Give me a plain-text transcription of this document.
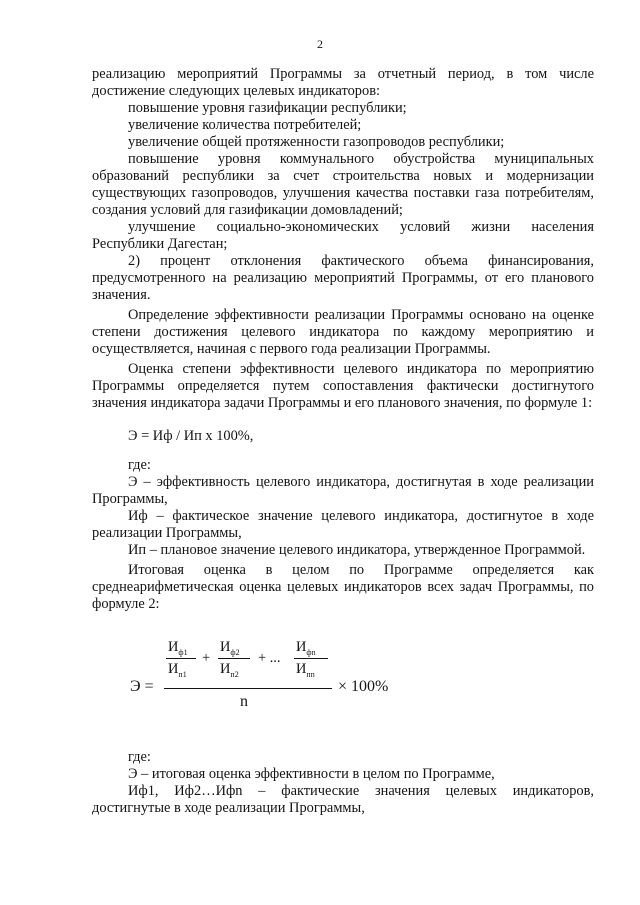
2

реализацию мероприятий Программы за отчетный период, в том числе достижение следующих целевых индикаторов:

повышение уровня газификации республики;

увеличение количества потребителей;

увеличение общей протяженности газопроводов республики;

повышение уровня коммунального обустройства муниципальных образований республики за счет строительства новых и модернизации существующих газопроводов, улучшения качества поставки газа потребителям, создания условий для газификации домовладений;

улучшение социально-экономических условий жизни населения Республики Дагестан;

2) процент отклонения фактического объема финансирования, предусмотренного на реализацию мероприятий Программы, от его планового значения.

Определение эффективности реализации Программы основано на оценке степени достижения целевого индикатора по каждому мероприятию и осуществляется, начиная с первого года реализации Программы.

Оценка степени эффективности целевого индикатора по мероприятию Программы определяется путем сопоставления фактически достигнутого значения индикатора задачи Программы и его планового значения, по формуле 1:

Э = Иф / Ип х 100%,

где:

Э – эффективность целевого индикатора, достигнутая в ходе реализации Программы,

Иф – фактическое значение целевого индикатора, достигнутое в ходе реализации Программы,

Ип – плановое значение целевого индикатора, утвержденное Программой.

Итоговая оценка в целом по Программе определяется как среднеарифметическая оценка целевых индикаторов всех задач Программы, по формуле 2:

Э =
$И_{ф1}$
$И_{п1}$
+
$И_{ф2}$
$И_{п2}$
+ ...
$И_{фn}$
$И_{пn}$
n
× 100%

где:

Э – итоговая оценка эффективности в целом по Программе,

Иф1, Иф2…Ифn – фактические значения целевых индикаторов, достигнутые в ходе реализации Программы,
